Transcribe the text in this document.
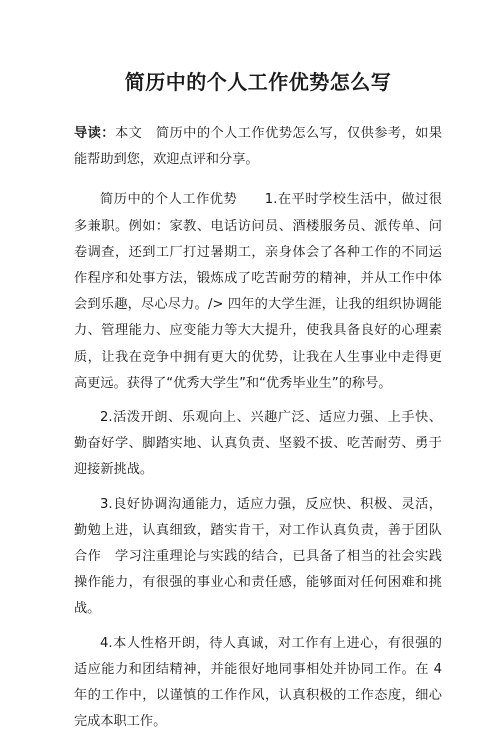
简历中的个人工作优势怎么写

导读：本文　简历中的个人工作优势怎么写，仅供参考，如果能帮助到您，欢迎点评和分享。

简历中的个人工作优势　　1.在平时学校生活中，做过很多兼职。例如：家教、电话访问员、酒楼服务员、派传单、问卷调查，还到工厂打过暑期工，亲身体会了各种工作的不同运作程序和处事方法，锻炼成了吃苦耐劳的精神，并从工作中体会到乐趣，尽心尽力。/> 四年的大学生涯，让我的组织协调能力、管理能力、应变能力等大大提升，使我具备良好的心理素质，让我在竞争中拥有更大的优势，让我在人生事业中走得更高更远。获得了“优秀大学生”和“优秀毕业生”的称号。

2.活泼开朗、乐观向上、兴趣广泛、适应力强、上手快、勤奋好学、脚踏实地、认真负责、坚毅不拔、吃苦耐劳、勇于迎接新挑战。

3.良好协调沟通能力，适应力强，反应快、积极、灵活，勤勉上进，认真细致，踏实肯干，对工作认真负责，善于团队合作　学习注重理论与实践的结合，已具备了相当的社会实践操作能力，有很强的事业心和责任感，能够面对任何困难和挑战。

4.本人性格开朗，待人真诚，对工作有上进心，有很强的适应能力和团结精神，并能很好地同事相处并协同工作。在 4 年的工作中，以谨慎的工作作风，认真积极的工作态度，细心完成本职工作。
